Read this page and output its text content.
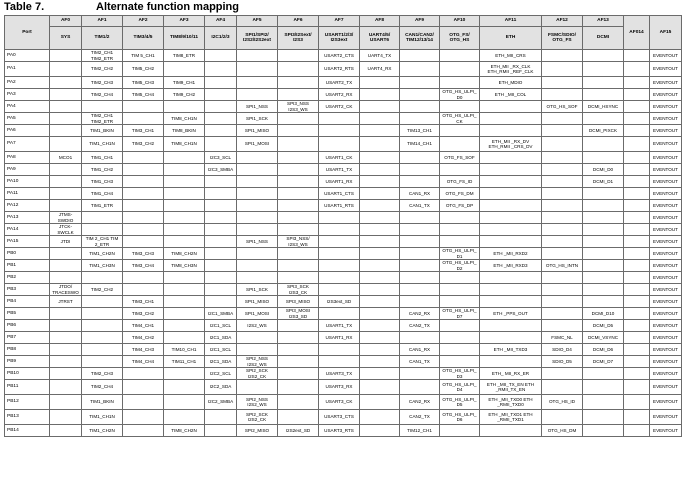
Table 7.	Alternate function mapping
Port	AF0	AF1	AF2	AF3	AF4	AF5	AF6	AF7	AF8	AF9	AF10	AF11	AF12	AF13	AF014	AF15
	SYS	TIM1/2	TIM3/4/5	TIM8/9/10/11	I2C1/2/3	SPI1/SPI2/ I2S2/I2S2ext	SPI3/I2Sext/ I2S3	USART1/2/3/ I2S3ext	UART4/5/ USART6	CAN1/CAN2/ TIM12/13/14	OTG_FS/ OTG_HS	ETH	FSMC/SDIO/ OTG_FS	DCMI		
PA0		TIM2_CH1 TIM2_ETR	TIM 5_CH1	TIM8_ETR				USART2_CTS	UART4_TX			ETH_MII_CRS				EVENTOUT
PA1		TIM2_CH2	TIM5_CH2					USART2_RTS	UART4_RX			ETH_MII _RX_CLK ETH_RMII _REF_CLK				EVENTOUT
PA2		TIM2_CH3	TIM5_CH3	TIM9_CH1				USART2_TX				ETH_MDIO				EVENTOUT
PA3		TIM2_CH4	TIM5_CH4	TIM9_CH2				USART2_RX			OTG_HS_ULPI_D0	ETH _MII_COL				EVENTOUT
PA4						SPI1_NSS	SPI3_NSS I2S3_WS	USART2_CK					OTG_HS_SOF	DCMI_HSYNC		EVENTOUT
PA5		TIM2_CH1 TIM2_ETR		TIM8_CH1N		SPI1_SCK					OTG_HS_ULPI_CK					EVENTOUT
PA6		TIM1_BKIN	TIM3_CH1	TIM8_BKIN		SPI1_MISO				TIM13_CH1				DCMI_PIXCK		EVENTOUT
PA7		TIM1_CH1N	TIM3_CH2	TIM8_CH1N		SPI1_MOSI				TIM14_CH1		ETH_MII _RX_DV ETH_RMII _CRS_DV				EVENTOUT
PA8	MCO1	TIM1_CH1			I2C3_SCL			USART1_CK			OTG_FS_SOF					EVENTOUT
PA9		TIM1_CH2			I2C3_SMBA			USART1_TX						DCMI_D0		EVENTOUT
PA10		TIM1_CH3						USART1_RX			OTG_FS_ID			DCMI_D1		EVENTOUT
PA11		TIM1_CH4						USART1_CTS		CAN1_RX	OTG_FS_DM					EVENTOUT
PA12		TIM1_ETR						USART1_RTS		CAN1_TX	OTG_FS_DP					EVENTOUT
PA13	JTMS-SWDIO															EVENTOUT
PA14	JTCK-SWCLK															EVENTOUT
PA15	JTDI	TIM 2_CH1 TIM 2_ETR				SPI1_NSS	SPI3_NSS/ I2S3_WS									EVENTOUT
PB0		TIM1_CH2N	TIM3_CH3	TIM8_CH2N							OTG_HS_ULPI_D1	ETH _MII_RXD2				EVENTOUT
PB1		TIM1_CH3N	TIM3_CH4	TIM8_CH3N							OTG_HS_ULPI_D2	ETH _MII_RXD3	OTG_HS_INTN			EVENTOUT
PB2																EVENTOUT
PB3	JTDO/ TRACESWO	TIM2_CH2				SPI1_SCK	SPI3_SCK I2S3_CK									EVENTOUT
PB4	JTRST		TIM3_CH1			SPI1_MISO	SPI3_MISO	I2S3ext_SD								EVENTOUT
PB5			TIM3_CH2		I2C1_SMBA	SPI1_MOSI	SPI3_MOSI I2S3_SD			CAN2_RX	OTG_HS_ULPI_D7	ETH _PPS_OUT		DCMI_D10		EVENTOUT
PB6			TIM4_CH1		I2C1_SCL	I2S2_WS		USART1_TX		CAN2_TX				DCMI_D5		EVENTOUT
PB7			TIM4_CH2		I2C1_SDA			USART1_RX					FSMC_NL	DCMI_VSYNC		EVENTOUT
PB8			TIM4_CH3	TIM10_CH1	I2C1_SCL					CAN1_RX		ETH _MII_TXD3	SDIO_D4	DCMI_D6		EVENTOUT
PB9			TIM4_CH4	TIM11_CH1	I2C1_SDA	SPI2_NSS I2S2_WS				CAN1_TX			SDIO_D5	DCMI_D7		EVENTOUT
PB10		TIM2_CH3			I2C2_SCL	SPI2_SCK I2S2_CK		USART3_TX			OTG_HS_ULPI_D3	ETH_ MII_RX_ER				EVENTOUT
PB11		TIM2_CH4			I2C2_SDA			USART3_RX			OTG_HS_ULPI_D4	ETH _MII_TX_EN ETH _RMII_TX_EN				EVENTOUT
PB12		TIM1_BKIN			I2C2_SMBA	SPI2_NSS I2S2_WS		USART3_CK		CAN2_RX	OTG_HS_ULPI_D5	ETH _MII_TXD0 ETH _RMII_TXD0	OTG_HS_ID			EVENTOUT
PB13		TIM1_CH1N				SPI2_SCK I2S2_CK		USART3_CTS		CAN2_TX	OTG_HS_ULPI_D6	ETH _MII_TXD1 ETH _RMII_TXD1				EVENTOUT
PB14		TIM1_CH2N		TIM8_CH2N		SPI2_MISO	I2S2ext_SD	USART3_RTS		TIM12_CH1			OTG_HS_DM			EVENTOUT
